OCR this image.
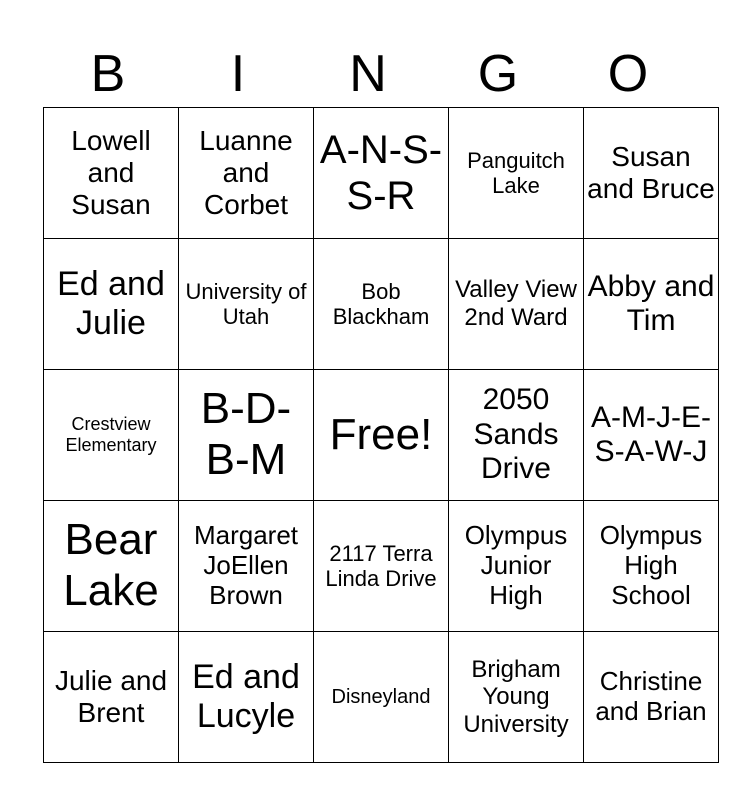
B	I	N	G	O
Lowell and Susan	Luanne and Corbet	A-N-S-S-R	Panguitch Lake	Susan and Bruce
Ed and Julie	University of Utah	Bob Blackham	Valley View 2nd Ward	Abby and Tim
Crestview Elementary	B-D-B-M	Free!	2050 Sands Drive	A-M-J-E-S-A-W-J
Bear Lake	Margaret JoEllen Brown	2117 Terra Linda Drive	Olympus Junior High	Olympus High School
Julie and Brent	Ed and Lucyle	Disneyland	Brigham Young University	Christine and Brian
